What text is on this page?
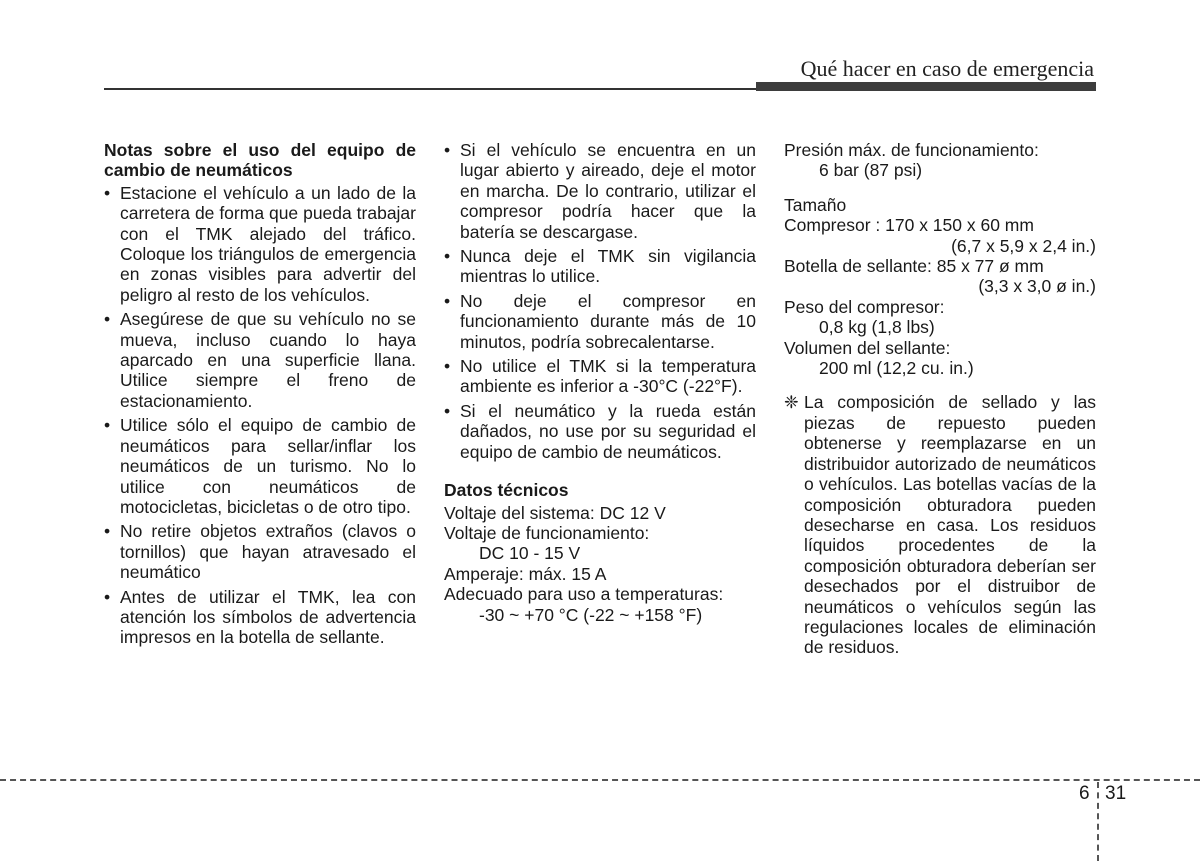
Qué hacer en caso de emergencia
Notas sobre el uso del equipo de cambio de neumáticos
• Estacione el vehículo a un lado de la carretera de forma que pueda trabajar con el TMK alejado del tráfico. Coloque los triángulos de emergencia en zonas visibles para advertir del peligro al resto de los vehículos.
• Asegúrese de que su vehículo no se mueva, incluso cuando lo haya aparcado en una superficie llana. Utilice siempre el freno de estacionamiento.
• Utilice sólo el equipo de cambio de neumáticos para sellar/inflar los neumáticos de un turismo. No lo utilice con neumáticos de motocicletas, bicicletas o de otro tipo.
• No retire objetos extraños (clavos o tornillos) que hayan atravesado el neumático
• Antes de utilizar el TMK, lea con atención los símbolos de advertencia impresos en la botella de sellante.
• Si el vehículo se encuentra en un lugar abierto y aireado, deje el motor en marcha. De lo contrario, utilizar el compresor podría hacer que la batería se descargase.
• Nunca deje el TMK sin vigilancia mientras lo utilice.
• No deje el compresor en funcionamiento durante más de 10 minutos, podría sobrecalentarse.
• No utilice el TMK si la temperatura ambiente es inferior a -30°C (-22°F).
• Si el neumático y la rueda están dañados, no use por su seguridad el equipo de cambio de neumáticos.
Datos técnicos
Voltaje del sistema: DC 12 V
Voltaje de funcionamiento:
DC 10 - 15 V
Amperaje: máx. 15 A
Adecuado para uso a temperaturas:
-30 ~ +70 °C (-22 ~ +158 °F)
Presión máx. de funcionamiento:
6 bar (87 psi)
Tamaño
Compresor : 170 x 150 x 60 mm
(6,7 x 5,9 x 2,4 in.)
Botella de sellante: 85 x 77 ø mm
(3,3 x 3,0 ø in.)
Peso del compresor:
0,8 kg (1,8 lbs)
Volumen del sellante:
200 ml (12,2 cu. in.)
❈ La composición de sellado y las piezas de repuesto pueden obtenerse y reemplazarse en un distribuidor autorizado de neumáticos o vehículos. Las botellas vacías de la composición obturadora pueden desecharse en casa. Los residuos líquidos procedentes de la composición obturadora deberían ser desechados por el distruibor de neumáticos o vehículos según las regulaciones locales de eliminación de residuos.
6 31
